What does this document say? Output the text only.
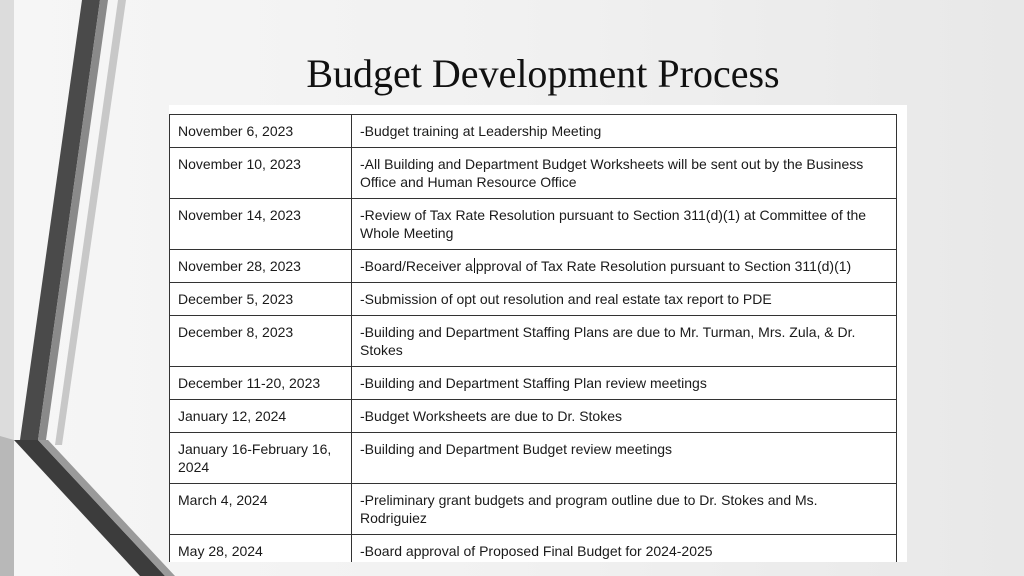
Budget Development Process
November 6, 2023	-Budget training at Leadership Meeting
November 10, 2023	-All Building and Department Budget Worksheets will be sent out by the Business Office and Human Resource Office
November 14, 2023	-Review of Tax Rate Resolution pursuant to Section 311(d)(1) at Committee of the Whole Meeting
November 28, 2023	-Board/Receiver a pproval of Tax Rate Resolution pursuant to Section 311(d)(1)
December 5, 2023	-Submission of opt out resolution and real estate tax report to PDE
December 8, 2023	-Building and Department Staffing Plans are due to Mr. Turman, Mrs. Zula, & Dr. Stokes
December 11-20, 2023	-Building and Department Staffing Plan review meetings
January 12, 2024	-Budget Worksheets are due to Dr. Stokes
January 16-February 16, 2024	-Building and Department Budget review meetings
March 4, 2024	-Preliminary grant budgets and program outline due to Dr. Stokes and Ms. Rodriguiez
May 28, 2024	-Board approval of Proposed Final Budget for 2024-2025
